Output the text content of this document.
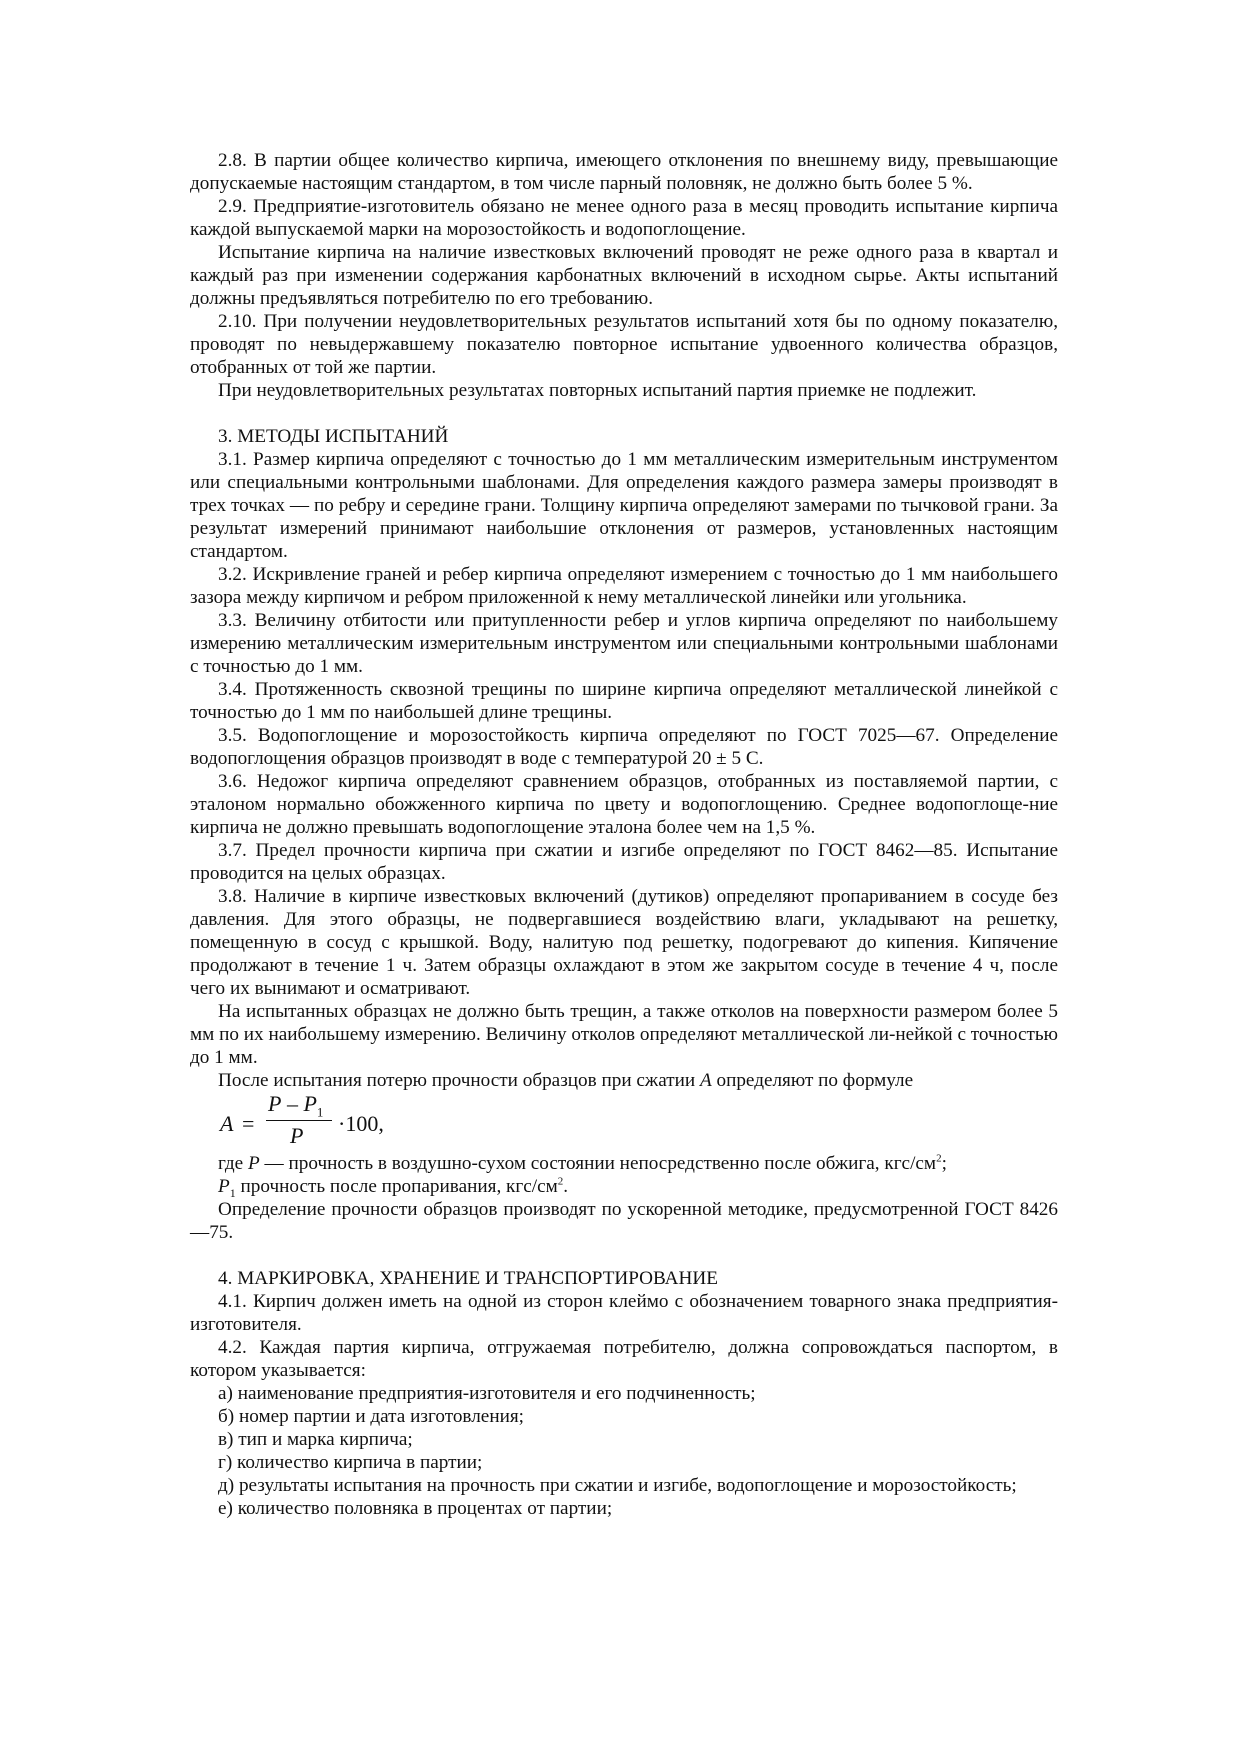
2.8. В партии общее количество кирпича, имеющего отклонения по внешнему виду, превышающие допускаемые настоящим стандартом, в том числе парный половняк, не должно быть более 5 %.

2.9. Предприятие-изготовитель обязано не менее одного раза в месяц проводить испытание кирпича каждой выпускаемой марки на морозостойкость и водопоглощение.

Испытание кирпича на наличие известковых включений проводят не реже одного раза в квартал и каждый раз при изменении содержания карбонатных включений в исходном сырье. Акты испытаний должны предъявляться потребителю по его требованию.

2.10. При получении неудовлетворительных результатов испытаний хотя бы по одному показателю, проводят по невыдержавшему показателю повторное испытание удвоенного количества образцов, отобранных от той же партии.

При неудовлетворительных результатах повторных испытаний партия приемке не подлежит.

3. МЕТОДЫ ИСПЫТАНИЙ

3.1. Размер кирпича определяют с точностью до 1 мм металлическим измерительным инструментом или специальными контрольными шаблонами. Для определения каждого размера замеры производят в трех точках — по ребру и середине грани. Толщину кирпича определяют замерами по тычковой грани. За результат измерений принимают наибольшие отклонения от размеров, установленных настоящим стандартом.

3.2. Искривление граней и ребер кирпича определяют измерением с точностью до 1 мм наибольшего зазора между кирпичом и ребром приложенной к нему металлической линейки или угольника.

3.3. Величину отбитости или притупленности ребер и углов кирпича определяют по наибольшему измерению металлическим измерительным инструментом или специальными контрольными шаблонами с точностью до 1 мм.

3.4. Протяженность сквозной трещины по ширине кирпича определяют металлической линейкой с точностью до 1 мм по наибольшей длине трещины.

3.5. Водопоглощение и морозостойкость кирпича определяют по ГОСТ 7025—67. Определение водопоглощения образцов производят в воде с температурой 20 ± 5 С.

3.6. Недожог кирпича определяют сравнением образцов, отобранных из поставляемой партии, с эталоном нормально обожженного кирпича по цвету и водопоглощению. Среднее водопоглоще-ние кирпича не должно превышать водопоглощение эталона более чем на 1,5 %.

3.7. Предел прочности кирпича при сжатии и изгибе определяют по ГОСТ 8462—85. Испытание проводится на целых образцах.

3.8. Наличие в кирпиче известковых включений (дутиков) определяют пропариванием в сосуде без давления. Для этого образцы, не подвергавшиеся воздействию влаги, укладывают на решетку, помещенную в сосуд с крышкой. Воду, налитую под решетку, подогревают до кипения. Кипячение продолжают в течение 1 ч. Затем образцы охлаждают в этом же закрытом сосуде в течение 4 ч, после чего их вынимают и осматривают.

На испытанных образцах не должно быть трещин, а также отколов на поверхности размером более 5 мм по их наибольшему измерению. Величину отколов определяют металлической ли-нейкой с точностью до 1 мм.

После испытания потерю прочности образцов при сжатии A определяют по формуле

A =
P – $P_1$
P ·100,

где P — прочность в воздушно-сухом состоянии непосредственно после обжига, кгс/$см^2$;

$P_1$ прочность после пропаривания, кгс/$см^2$.

Определение прочности образцов производят по ускоренной методике, предусмотренной ГОСТ 8426—75.

4. МАРКИРОВКА, ХРАНЕНИЕ И ТРАНСПОРТИРОВАНИЕ

4.1. Кирпич должен иметь на одной из сторон клеймо с обозначением товарного знака предприятия-изготовителя.

4.2. Каждая партия кирпича, отгружаемая потребителю, должна сопровождаться паспортом, в котором указывается:

а) наименование предприятия-изготовителя и его подчиненность;

б) номер партии и дата изготовления;

в) тип и марка кирпича;

г) количество кирпича в партии;

д) результаты испытания на прочность при сжатии и изгибе, водопоглощение и морозостойкость;

е) количество половняка в процентах от партии;
